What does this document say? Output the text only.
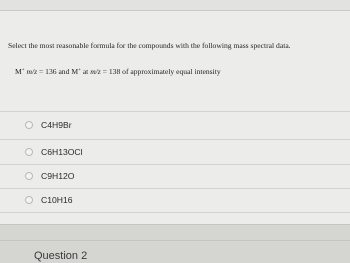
Select the most reasonable formula for the compounds with the following mass spectral data.
M+ m/z = 136 and M+ at m/z = 138 of approximately equal intensity
C4H9Br
C6H13OCl
C9H12O
C10H16
Question 2
